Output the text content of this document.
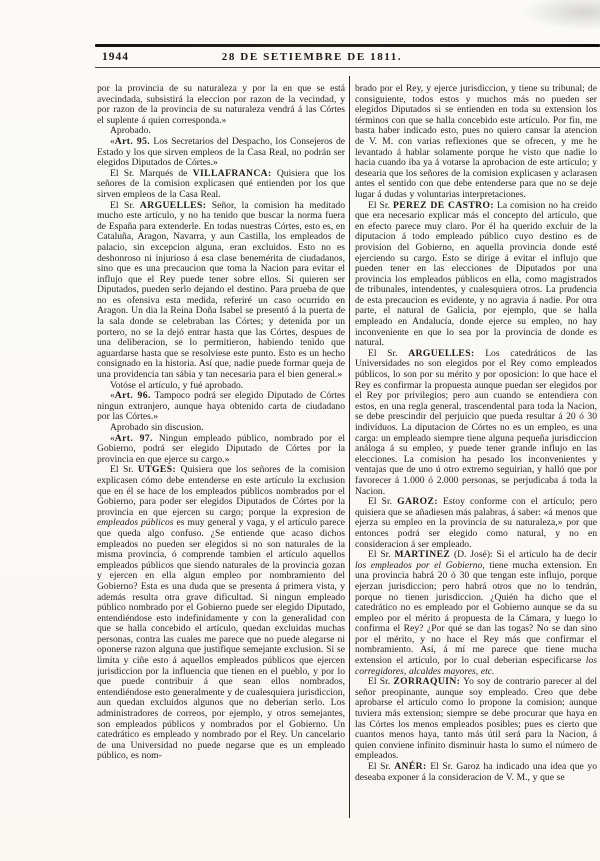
1944	28 DE SETIEMBRE DE 1811.

por la provincia de su naturaleza y por la en que se está avecindada, subsistirá la eleccion por razon de la vecindad, y por razon de la provincia de su naturaleza vendrá á las Córtes el suplente á quien corresponda.»

Aprobado.

«Art. 95. Los Secretarios del Despacho, los Consejeros de Estado y los que sirven empleos de la Casa Real, no podrán ser elegidos Diputados de Córtes.»

El Sr. Marqués de VILLAFRANCA: Quisiera que los señores de la comision explicasen qué entienden por los que sirven empleos de la Casa Real.

El Sr. ARGUELLES: Señor, la comision ha meditado mucho este artículo, y no ha tenido que buscar la norma fuera de España para extenderle. En todas nuestras Córtes, esto es, en Cataluña, Aragon, Navarra, y aun Castilla, los empleados de palacio, sin excepcion alguna, eran excluidos. Esto no es deshonroso ni injurioso á esa clase benemérita de ciudadanos, sino que es una precaucion que toma la Nacion para evitar el influjo que el Rey puede tener sobre ellos. Si quieren ser Diputados, pueden serlo dejando el destino. Para prueba de que no es ofensiva esta medida, referiré un caso ocurrido en Aragon. Un dia la Reina Doña Isabel se presentó á la puerta de la sala donde se celebraban las Córtes; y detenida por un portero, no se la dejó entrar hasta que las Córtes, despues de una deliberacion, se lo permitieron, habiendo tenido que aguardarse hasta que se resolviese este punto. Esto es un hecho consignado en la historia. Así que, nadie puede formar queja de una providencia tan sábia y tan necesaria para el bien general.»

Votóse el artículo, y fué aprobado.

«Art. 96. Tampoco podrá ser elegido Diputado de Córtes ningun extranjero, aunque haya obtenido carta de ciudadano por las Córtes.»

Aprobado sin discusion.

«Art. 97. Ningun empleado público, nombrado por el Gobierno, podrá ser elegido Diputado de Córtes por la provincia en que ejerce su cargo.»

El Sr. UTGES: Quisiera que los señores de la comision explicasen cómo debe entenderse en este artículo la exclusion que en él se hace de los empleados públicos nombrados por el Gobierno, para poder ser elegidos Diputados de Córtes por la provincia en que ejercen su cargo; porque la expresion de empleados públicos es muy general y vaga, y el artículo parece que queda algo confuso. ¿Se entiende que acaso dichos empleados no pueden ser elegidos si no son naturales de la misma provincia, ó comprende tambien el artículo aquellos empleados públicos que siendo naturales de la provincia gozan y ejercen en ella algun empleo por nombramiento del Gobierno? Esta es una duda que se presenta á primera vista, y además resulta otra grave dificultad. Si ningun empleado público nombrado por el Gobierno puede ser elegido Diputado, entendiéndose esto indefinidamente y con la generalidad con que se halla concebido el artículo, quedan excluidas muchas personas, contra las cuales me parece que no puede alegarse ni oponerse razon alguna que justifique semejante exclusion. Si se limita y ciñe esto á aquellos empleados públicos que ejercen jurisdiccion por la influencia que tienen en el pueblo, y por lo que puede contribuir á que sean ellos nombrados, entendiéndose esto generalmente y de cualesquiera jurisdiccion, aun quedan excluidos algunos que no deberian serlo. Los administradores de correos, por ejemplo, y otros semejantes, son empleados públicos y nombrados por el Gobierno. Un catedrático es empleado y nombrado por el Rey. Un cancelario de una Universidad no puede negarse que es un empleado público, es nom-

brado por el Rey, y ejerce jurisdiccion, y tiene su tribunal; de consiguiente, todos estos y muchos más no pueden ser elegidos Diputados si se entienden en toda su extension los términos con que se halla concebido este artículo. Por fin, me basta haber indicado esto, pues no quiero cansar la atencion de V. M. con varias reflexiones que se ofrecen, y me he levantado á hablar solamente porque he visto que nadie lo hacia cuando iba ya á votarse la aprobacion de este artículo; y desearia que los señores de la comision explicasen y aclarasen antes el sentido con que debe entenderse para que no se deje lugar á dudas y voluntarias interpretaciones.

El Sr. PEREZ DE CASTRO: La comision no ha creido que era necesario explicar más el concepto del artículo, que en efecto parece muy claro. Por él ha querido excluir de la diputacion á todo empleado público cuyo destino es de provision del Gobierno, en aquella provincia donde esté ejerciendo su cargo. Esto se dirige á evitar el influjo que pueden tener en las elecciones de Diputados por una provincia los empleados públicos en ella, como magistrados de tribunales, intendentes, y cualesquiera otros. La prudencia de esta precaucion es evidente, y no agravia á nadie. Por otra parte, el natural de Galicia, por ejemplo, que se halla empleado en Andalucía, donde ejerce su empleo, no hay inconveniente en que lo sea por la provincia de donde es natural.

El Sr. ARGUELLES: Los catedráticos de las Universidades no son elegidos por el Rey como empleados públicos, lo son por su mérito y por oposicion: lo que hace el Rey es confirmar la propuesta aunque puedan ser elegidos por el Rey por privilegios; pero aun cuando se entendiera con estos, en una regla general, trascendental para toda la Nacion, se debe prescindir del perjuicio que pueda resultar á 20 ó 30 indivíduos. La diputacion de Córtes no es un empleo, es una carga: un empleado siempre tiene alguna pequeña jurisdiccion análoga á su empleo, y puede tener grande influjo en las elecciones. La comision ha pesado los inconvenientes y ventajas que de uno ú otro extremo seguirian, y halló que por favorecer á 1.000 ó 2.000 personas, se perjudicaba á toda la Nacion.

El Sr. GAROZ: Estoy conforme con el artículo; pero quisiera que se añadiesen más palabras, á saber: «á menos que ejerza su empleo en la provincia de su naturaleza,» por que entonces podrá ser elegido como natural, y no en consideracion á ser empleado.

El Sr. MARTINEZ (D. José): Si el artículo ha de decir los empleados por el Gobierno, tiene mucha extension. En una provincia habrá 20 ó 30 que tengan este influjo, porque ejerzan jurisdiccion; pero habrá otros que no lo tendrán, porque no tienen jurisdiccion. ¿Quién ha dicho que el catedrático no es empleado por el Gobierno aunque se da su empleo por el mérito á propuesta de la Cámara, y luego lo confirma el Rey? ¿Por qué se dan las togas? No se dan sino por el mérito, y no hace el Rey más que confirmar el nombramiento. Así, á mí me parece que tiene mucha extension el artículo, por lo cual deberian especificarse los corregidores, alcaldes mayores, etc.

El Sr. ZORRAQUIN: Yo soy de contrario parecer al del señor preopinante, aunque soy empleado. Creo que debe aprobarse el artículo como lo propone la comision; aunque tuviera más extension; siempre se debe procurar que haya en las Córtes los menos empleados posibles; pues es cierto que cuantos menos haya, tanto más útil será para la Nacion, á quien conviene infinito disminuir hasta lo sumo el número de empleados.

El Sr. ANÉR: El Sr. Garoz ha indicado una idea que yo deseaba exponer á la consideracion de V. M., y que se
